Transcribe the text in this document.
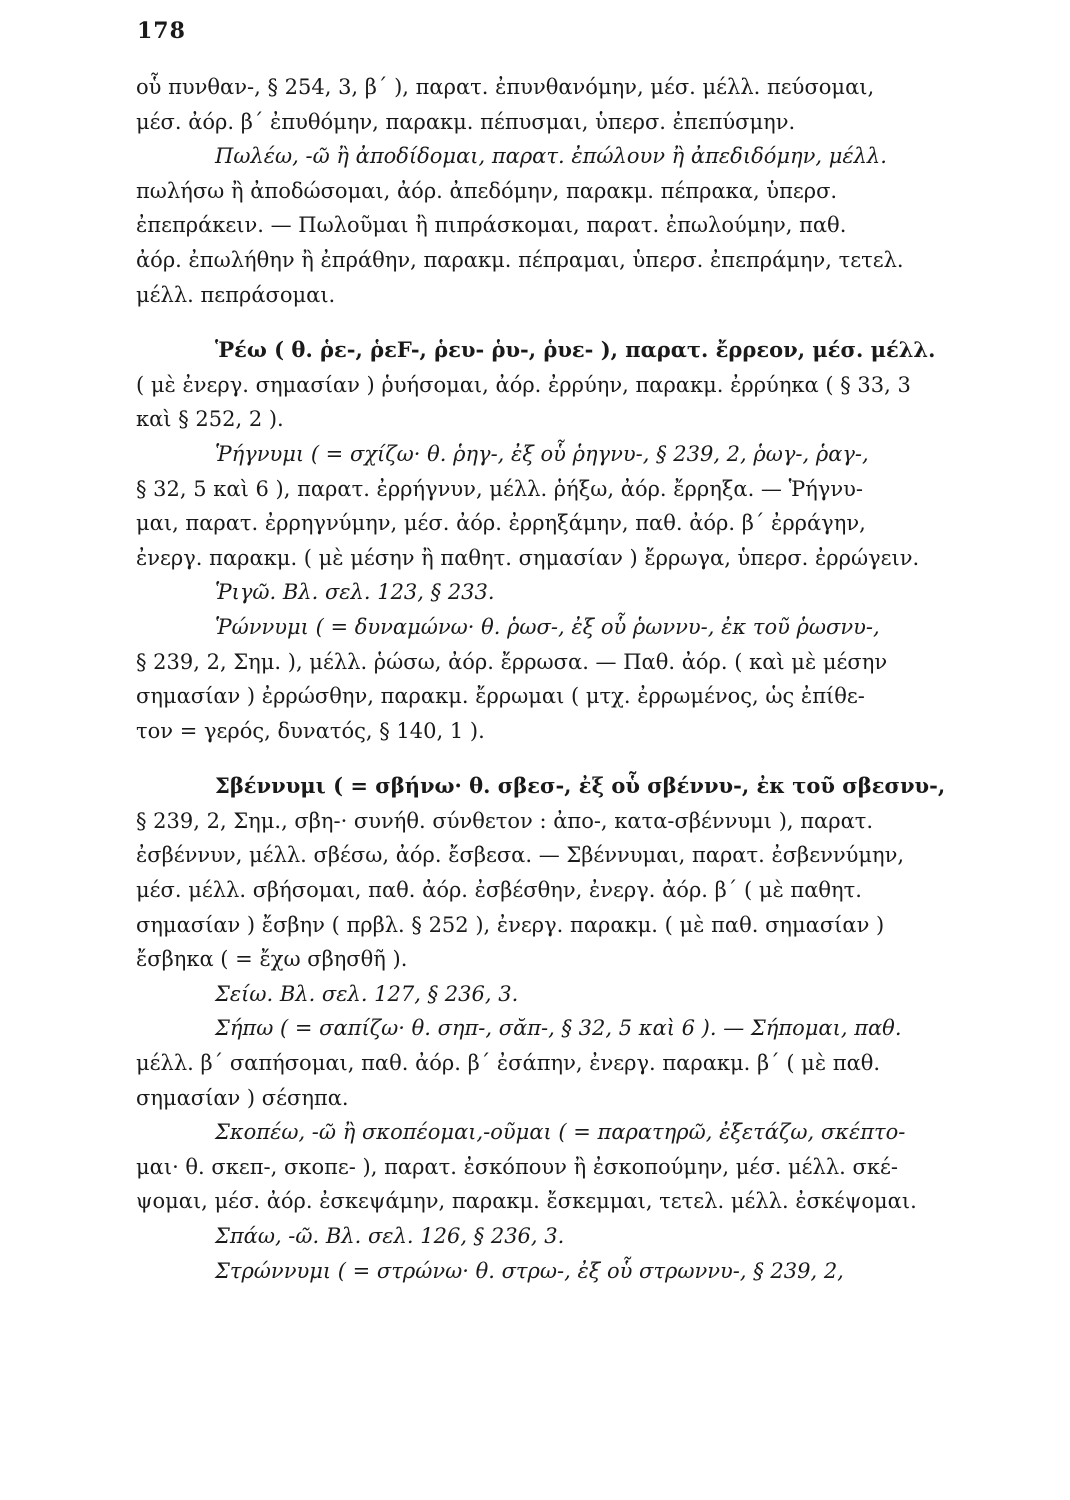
178
οὗ πυνθαν-, § 254, 3, β΄ ), παρατ. ἐπυνθανόμην, μέσ. μέλλ. πεύσομαι,
μέσ. ἀόρ. β΄ ἐπυθόμην, παρακμ. πέπυσμαι, ὑπερσ. ἐπεπύσμην.
Πωλέω, -ῶ ἢ ἀποδίδομαι, παρατ. ἐπώλουν ἢ ἀπεδιδόμην, μέλλ.
πωλήσω ἢ ἀποδώσομαι, ἀόρ. ἀπεδόμην, παρακμ. πέπρακα, ὑπερσ.
ἐπεπράκειν. — Πωλοῦμαι ἢ πιπράσκομαι, παρατ. ἐπωλούμην, παθ.
ἀόρ. ἐπωλήθην ἢ ἐπράθην, παρακμ. πέπραμαι, ὑπερσ. ἐπεπράμην, τετελ.
μέλλ. πεπράσομαι.
Ῥέω ( θ. ῥε-, ῥεF-, ῥευ- ῥυ-, ῥυε- ), παρατ. ἔρρεον, μέσ. μέλλ.
( μὲ ἐνεργ. σημασίαν ) ῥυήσομαι, ἀόρ. ἐρρύην, παρακμ. ἐρρύηκα ( § 33, 3
καὶ § 252, 2 ).
Ῥήγνυμι ( = σχίζω· θ. ῥηγ-, ἐξ οὗ ῥηγνυ-, § 239, 2, ῥωγ-, ῥαγ-,
§ 32, 5 καὶ 6 ), παρατ. ἐρρήγνυν, μέλλ. ῥήξω, ἀόρ. ἔρρηξα. — Ῥήγνυ-
μαι, παρατ. ἐρρηγνύμην, μέσ. ἀόρ. ἐρρηξάμην, παθ. ἀόρ. β΄ ἐρράγην,
ἐνεργ. παρακμ. ( μὲ μέσην ἢ παθητ. σημασίαν ) ἔρρωγα, ὑπερσ. ἐρρώγειν.
Ῥιγῶ. Βλ. σελ. 123, § 233.
Ῥώννυμι ( = δυναμώνω· θ. ῥωσ-, ἐξ οὗ ῥωννυ-, ἐκ τοῦ ῥωσνυ-,
§ 239, 2, Σημ. ), μέλλ. ῥώσω, ἀόρ. ἔρρωσα. — Παθ. ἀόρ. ( καὶ μὲ μέσην
σημασίαν ) ἐρρώσθην, παρακμ. ἔρρωμαι ( μτχ. ἐρρωμένος, ὡς ἐπίθε-
τον = γερός, δυνατός, § 140, 1 ).
Σβέννυμι ( = σβήνω· θ. σβεσ-, ἐξ οὗ σβέννυ-, ἐκ τοῦ σβεσνυ-,
§ 239, 2, Σημ., σβη-· συνήθ. σύνθετον : ἀπο-, κατα-σβέννυμι ), παρατ.
ἐσβέννυν, μέλλ. σβέσω, ἀόρ. ἔσβεσα. — Σβέννυμαι, παρατ. ἐσβεννύμην,
μέσ. μέλλ. σβήσομαι, παθ. ἀόρ. ἐσβέσθην, ἐνεργ. ἀόρ. β΄ ( μὲ παθητ.
σημασίαν ) ἔσβην ( πρβλ. § 252 ), ἐνεργ. παρακμ. ( μὲ παθ. σημασίαν )
ἔσβηκα ( = ἔχω σβησθῆ ).
Σείω. Βλ. σελ. 127, § 236, 3.
Σήπω ( = σαπίζω· θ. σηπ-, σᾰπ-, § 32, 5 καὶ 6 ). — Σήπομαι, παθ.
μέλλ. β΄ σαπήσομαι, παθ. ἀόρ. β΄ ἐσάπην, ἐνεργ. παρακμ. β΄ ( μὲ παθ.
σημασίαν ) σέσηπα.
Σκοπέω, -ῶ ἢ σκοπέομαι,-οῦμαι ( = παρατηρῶ, ἐξετάζω, σκέπτο-
μαι· θ. σκεπ-, σκοπε- ), παρατ. ἐσκόπουν ἢ ἐσκοπούμην, μέσ. μέλλ. σκέ-
ψομαι, μέσ. ἀόρ. ἐσκεψάμην, παρακμ. ἔσκεμμαι, τετελ. μέλλ. ἐσκέψομαι.
Σπάω, -ῶ. Βλ. σελ. 126, § 236, 3.
Στρώννυμι ( = στρώνω· θ. στρω-, ἐξ οὗ στρωννυ-, § 239, 2,
